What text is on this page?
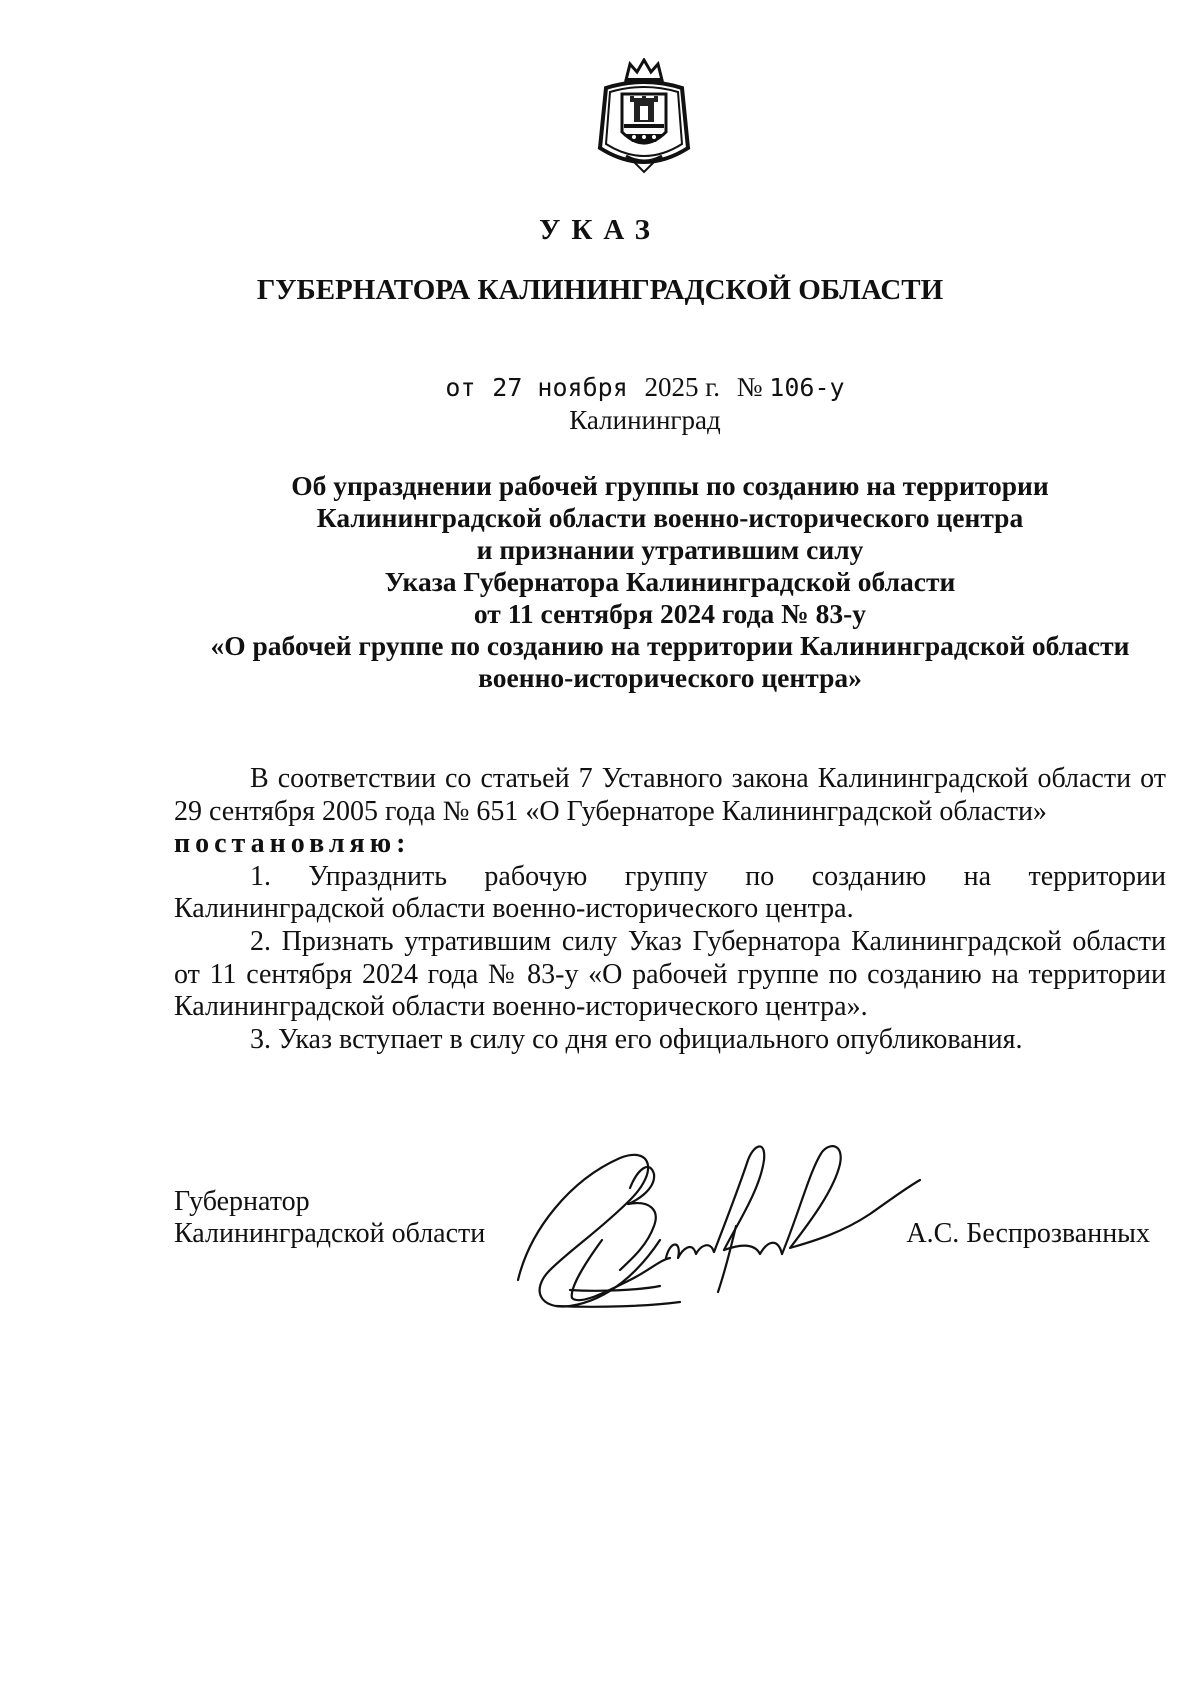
УКАЗ
ГУБЕРНАТОРА КАЛИНИНГРАДСКОЙ ОБЛАСТИ
от 27 ноября 2025 г. № 106-у
Калининград
Об упразднении рабочей группы по созданию на территории
Калининградской области военно-исторического центра
и признании утратившим силу
Указа Губернатора Калининградской области
от 11 сентября 2024 года № 83-у
«О рабочей группе по созданию на территории Калининградской области
военно-исторического центра»

В соответствии со статьей 7 Уставного закона Калининградской области от 29 сентября 2005 года № 651 «О Губернаторе Калининградской области»

постановляю:

1. Упразднить рабочую группу по созданию на территории Калининградской области военно-исторического центра.

2. Признать утратившим силу Указ Губернатора Калининградской области от 11 сентября 2024 года № 83-у «О рабочей группе по созданию на территории Калининградской области военно-исторического центра».

3. Указ вступает в силу со дня его официального опубликования.

Губернатор
Калининградской области	А.С. Беспрозванных
